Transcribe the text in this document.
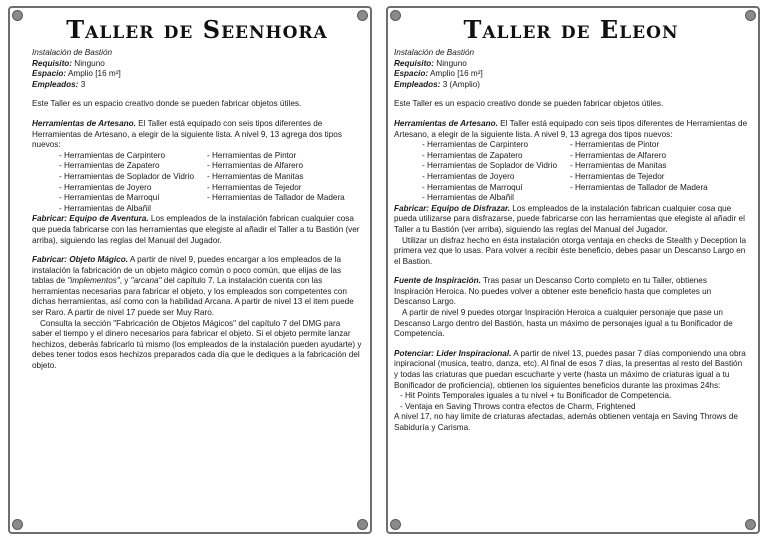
Taller de Seenhora
Instalación de Bastión
Requisito: Ninguno
Espacio: Amplio [16 m²]
Empleados: 3

Este Taller es un espacio creativo donde se pueden fabricar objetos útiles.

Herramientas de Artesano. El Taller está equipado con seis tipos diferentes de Herramientas de Artesano, a elegir de la siguiente lista. A nivel 9, 13 agrega dos tipos nuevos:

- Herramientas de Carpintero	- Herramientas de Pintor
- Herramientas de Zapatero	- Herramientas de Alfarero
- Herramientas de Soplador de Vidrio	- Herramientas de Manitas
- Herramientas de Joyero	- Herramientas de Tejedor
- Herramientas de Marroquí	- Herramientas de Tallador de Madera
- Herramientas de Albañil

Fabricar: Equipo de Aventura. Los empleados de la instalación fabrican cualquier cosa que pueda fabricarse con las herramientas que elegiste al añadir el Taller a tu Bastión (ver arriba), siguiendo las reglas del Manual del Jugador.

Fabricar: Objeto Mágico. A partir de nivel 9, puedes encargar a los empleados de la instalación la fabricación de un objeto mágico común o poco común, que elijas de las tablas de "implementos", y "arcana" del capítulo 7. La instalación cuenta con las herramientas necesarias para fabricar el objeto, y los empleados son competentes con dichas herramientas, así como con la habilidad Arcana. A partir de nivel 13 el item puede ser Raro. A partir de nivel 17 puede ser Muy Raro.

Consulta la sección "Fabricación de Objetos Mágicos" del capítulo 7 del DMG para saber el tiempo y el dinero necesarios para fabricar el objeto. Si el objeto permite lanzar hechizos, deberás fabricarlo tú mismo (los empleados de la instalación pueden ayudarte) y debes tener todos esos hechizos preparados cada día que le dediques a la fabricación del objeto.

Taller de Eleon
Instalación de Bastión
Requisito: Ninguno
Espacio: Amplio [16 m²]
Empleados: 3 (Amplio)

Este Taller es un espacio creativo donde se pueden fabricar objetos útiles.

Herramientas de Artesano. El Taller está equipado con seis tipos diferentes de Herramientas de Artesano, a elegir de la siguiente lista. A nivel 9, 13 agrega dos tipos nuevos:

- Herramientas de Carpintero	- Herramientas de Pintor
- Herramientas de Zapatero	- Herramientas de Alfarero
- Herramientas de Soplador de Vidrio	- Herramientas de Manitas
- Herramientas de Joyero	- Herramientas de Tejedor
- Herramientas de Marroquí	- Herramientas de Tallador de Madera
- Herramientas de Albañil

Fabricar: Equipo de Disfrazar. Los empleados de la instalación fabrican cualquier cosa que pueda utilizarse para disfrazarse, puede fabricarse con las herramientas que elegiste al añadir el Taller a tu Bastión (ver arriba), siguiendo las reglas del Manual del Jugador.

Utilizar un disfraz hecho en ésta instalación otorga ventaja en checks de Stealth y Deception la primera vez que lo usas. Para volver a recibir éste beneficio, debes pasar un Descanso Largo en el Bastion.

Fuente de Inspiración. Tras pasar un Descanso Corto completo en tu Taller, obtienes Inspiración Heroica. No puedes volver a obtener este beneficio hasta que completes un Descanso Largo.

A partir de nivel 9 puedes otorgar Inspiración Heroica a cualquier personaje que pase un Descanso Largo dentro del Bastión, hasta un máximo de personajes igual a tu Bonificador de Competencia.

Potenciar: Lider Inspiracional. A partir de nivel 13, puedes pasar 7 días componiendo una obra inpiracional (musica, teatro, danza, etc). Al final de esos 7 días, la presentas al resto del Bastión y todas las criaturas que puedan escucharte y verte (hasta un máximo de criaturas igual a tu Bonificador de proficiencia), obtienen los siguientes beneficios durante las proximas 24hs:

- Hit Points Temporales iguales a tu nivel + tu Bonificador de Competencia.
- Ventaja en Saving Throws contra efectos de Charm, Frightened

A nivel 17, no hay limite de criaturas afectadas, además obtienen ventaja en Saving Throws de Sabiduría y Carisma.
